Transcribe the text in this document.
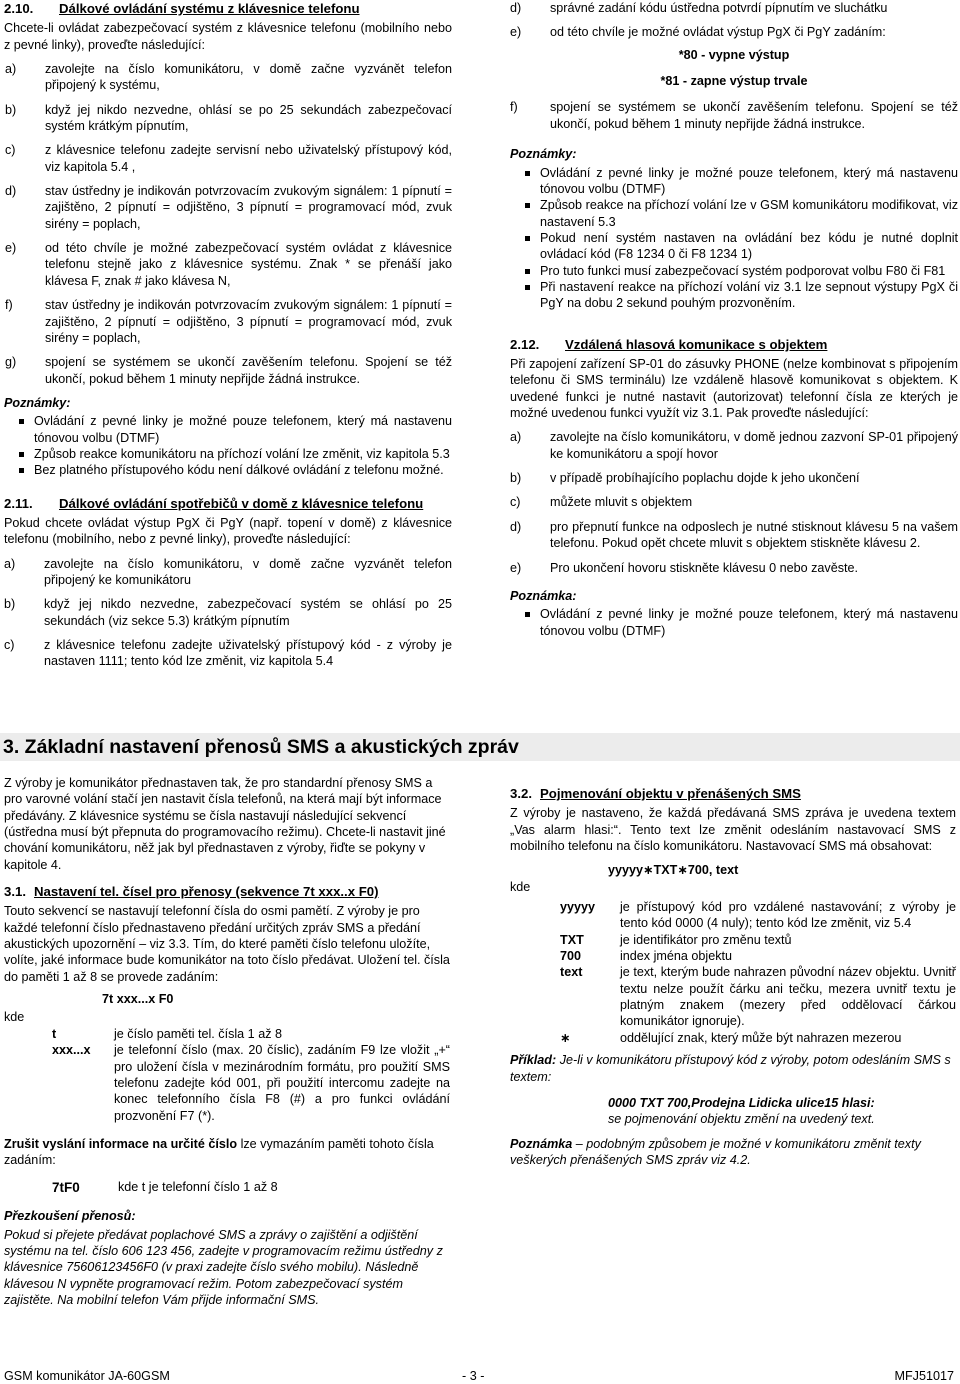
2.10.	Dálkové ovládání systému z klávesnice telefonu

Chcete-li ovládat zabezpečovací systém z klávesnice telefonu (mobilního nebo z pevné linky), proveďte následující:

a)	zavolejte na číslo komunikátoru, v domě začne vyzvánět telefon připojený k systému,
b)	když jej nikdo nezvedne, ohlásí se po 25 sekundách zabezpečovací systém krátkým pípnutím,
c)	z klávesnice telefonu zadejte servisní nebo uživatelský přístupový kód, viz kapitola 5.4 ,
d)	stav ústředny je indikován potvrzovacím zvukovým signálem: 1 pípnutí = zajištěno, 2 pípnutí = odjištěno, 3 pípnutí = programovací mód, zvuk sirény = poplach,
e)	od této chvíle je možné zabezpečovací systém ovládat z klávesnice telefonu stejně jako z klávesnice systému. Znak * se přenáší jako klávesa F, znak # jako klávesa N,
f)	stav ústředny je indikován potvrzovacím zvukovým signálem: 1 pípnutí = zajištěno, 2 pípnutí = odjištěno, 3 pípnutí = programovací mód, zvuk sirény = poplach,
g)	spojení se systémem se ukončí zavěšením telefonu. Spojení se též ukončí, pokud během 1 minuty nepřijde žádná instrukce.
Poznámky:
Ovládání z pevné linky je možné pouze telefonem, který má nastavenu tónovou volbu (DTMF)
Způsob reakce komunikátoru na příchozí volání lze změnit, viz kapitola 5.3
Bez platného přístupového kódu není dálkové ovládání z telefonu možné.
2.11.	Dálkové ovládání spotřebičů v domě z klávesnice telefonu

Pokud chcete ovládat výstup PgX či PgY (např. topení v domě) z klávesnice telefonu (mobilního, nebo z pevné linky), proveďte následující:

a)	zavolejte na číslo komunikátoru, v domě začne vyzvánět telefon připojený ke komunikátoru
b)	když jej nikdo nezvedne, zabezpečovací systém se ohlásí po 25 sekundách (viz sekce 5.3) krátkým pípnutím
c)	z klávesnice telefonu zadejte uživatelský přístupový kód - z výroby je nastaven 1111; tento kód lze změnit, viz kapitola 5.4
d)	správné zadání kódu ústředna potvrdí pípnutím ve sluchátku
e)	od této chvíle je možné ovládat výstup PgX či PgY zadáním:
*80 - vypne výstup
*81 - zapne výstup trvale
f)	spojení se systémem se ukončí zavěšením telefonu. Spojení se též ukončí, pokud během 1 minuty nepřijde žádná instrukce.
Poznámky:
Ovládání z pevné linky je možné pouze telefonem, který má nastavenu tónovou volbu (DTMF)
Způsob reakce na příchozí volání lze v GSM komunikátoru modifikovat, viz nastavení 5.3
Pokud není systém nastaven na ovládání bez kódu je nutné doplnit ovládací kód (F8 1234 0 či F8 1234 1)
Pro tuto funkci musí zabezpečovací systém podporovat volbu F80 či F81
Při nastavení reakce na příchozí volání viz 3.1 lze sepnout výstupy PgX či PgY na dobu 2 sekund pouhým prozvoněním.
2.12.	Vzdálená hlasová komunikace s objektem

Při zapojení zařízení SP-01 do zásuvky PHONE (nelze kombinovat s připojením telefonu či SMS terminálu) lze vzdáleně hlasově komunikovat s objektem. K uvedené funkci je nutné nastavit (autorizovat) telefonní čísla ze kterých je možné uvedenou funkci využít viz 3.1. Pak proveďte následující:

a)	zavolejte na číslo komunikátoru, v domě jednou zazvoní SP-01 připojený ke komunikátoru a spojí hovor
b)	v případě probíhajícího poplachu dojde k jeho ukončení
c)	můžete mluvit s objektem
d)	pro přepnutí funkce na odposlech je nutné stisknout klávesu 5 na vašem telefonu. Pokud opět chcete mluvit s objektem stiskněte klávesu 2.
e)	Pro ukončení hovoru stiskněte klávesu 0 nebo zavěste.
Poznámka:
Ovládání z pevné linky je možné pouze telefonem, který má nastavenu tónovou volbu (DTMF)
3. Základní nastavení přenosů SMS a akustických zpráv

Z výroby je komunikátor přednastaven tak, že pro standardní přenosy SMS a pro varovné volání stačí jen nastavit čísla telefonů, na která mají být informace předávány. Z klávesnice systému se čísla nastavují následující sekvencí (ústředna musí být přepnuta do programovacího režimu). Chcete-li nastavit jiné chování komunikátoru, něž jak byl přednastaven z výroby, řiďte se pokyny v kapitole 4.

3.1. Nastavení tel. čísel pro přenosy (sekvence 7t xxx..x F0)

Touto sekvencí se nastavují telefonní čísla do osmi pamětí. Z výroby je pro každé telefonní číslo přednastaveno předání určitých zpráv SMS a předání akustických upozornění – viz 3.3. Tím, do které paměti číslo telefonu uložíte, volíte, jaké informace bude komunikátor na toto číslo předávat. Uložení tel. čísla do paměti 1 až 8 se provede zadáním:

7t xxx...x F0
kde
t	je číslo paměti tel. čísla 1 až 8
xxx...x	je telefonní číslo (max. 20 číslic), zadáním F9 lze vložit „+“ pro uložení čísla v mezinárodním formátu, pro použití SMS telefonu zadejte kód 001, při použití intercomu zadejte na konec telefonního čísla F8 (#) a pro funkci ovládání prozvonění F7 (*).

Zrušit vyslání informace na určité číslo lze vymazáním paměti tohoto čísla zadáním:

7tF0	kde t je telefonní číslo 1 až 8
Přezkoušení přenosů:

Pokud si přejete předávat poplachové SMS a zprávy o zajištění a odjištění systému na tel. číslo 606 123 456, zadejte v programovacím režimu ústředny z klávesnice 75606123456F0 (v praxi zadejte číslo svého mobilu). Následně klávesou N vypněte programovací režim. Potom zabezpečovací systém zajistěte. Na mobilní telefon Vám přijde informační SMS.

3.2. Pojmenování objektu v přenášených SMS

Z výroby je nastaveno, že každá předávaná SMS zpráva je uvedena textem „Vas alarm hlasi:“. Tento text lze změnit odesláním nastavovací SMS z mobilního telefonu na číslo komunikátoru. Nastavovací SMS má obsahovat:

yyyyy∗TXT∗700, text
kde
yyyyy	je přístupový kód pro vzdálené nastavování; z výroby je tento kód 0000 (4 nuly); tento kód lze změnit, viz 5.4
TXT	je identifikátor pro změnu textů
700	index jména objektu
text	je text, kterým bude nahrazen původní název objektu. Uvnitř textu nelze použít čárku ani tečku, mezera uvnitř textu je platným znakem (mezery před oddělovací čárkou komunikátor ignoruje).
∗	oddělující znak, který může být nahrazen mezerou

Příklad: Je-li v komunikátoru přístupový kód z výroby, potom odesláním SMS s textem:

0000 TXT 700,Prodejna Lidicka ulice15 hlasi:
se pojmenování objektu změní na uvedený text.

Poznámka – podobným způsobem je možné v komunikátoru změnit texty veškerých přenášených SMS zpráv viz 4.2.

GSM komunikátor JA-60GSM	- 3 -	MFJ51017
